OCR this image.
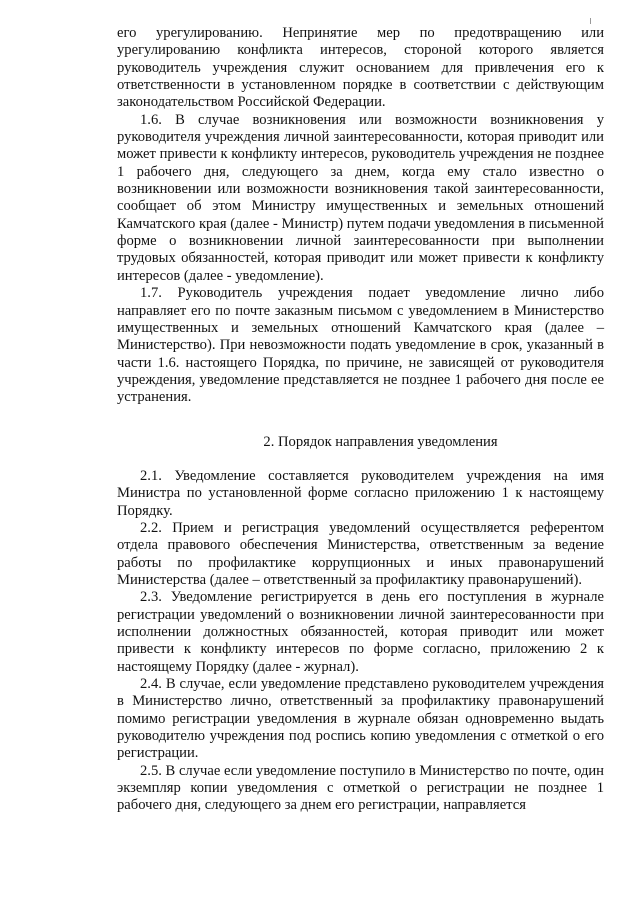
его урегулированию. Непринятие мер по предотвращению или урегулированию конфликта интересов, стороной которого является руководитель учреждения служит основанием для привлечения его к ответственности в установленном порядке в соответствии с действующим законодательством Российской Федерации.

1.6. В случае возникновения или возможности возникновения у руководителя учреждения личной заинтересованности, которая приводит или может привести к конфликту интересов, руководитель учреждения не позднее 1 рабочего дня, следующего за днем, когда ему стало известно о возникновении или возможности возникновения такой заинтересованности, сообщает об этом Министру имущественных и земельных отношений Камчатского края (далее - Министр) путем подачи уведомления в письменной форме о возникновении личной заинтересованности при выполнении трудовых обязанностей, которая приводит или может привести к конфликту интересов (далее - уведомление).

1.7. Руководитель учреждения подает уведомление лично либо направляет его по почте заказным письмом с уведомлением в Министерство имущественных и земельных отношений Камчатского края (далее – Министерство). При невозможности подать уведомление в срок, указанный в части 1.6. настоящего Порядка, по причине, не зависящей от руководителя учреждения, уведомление представляется не позднее 1 рабочего дня после ее устранения.

2. Порядок направления уведомления

2.1. Уведомление составляется руководителем учреждения на имя Министра по установленной форме согласно приложению 1 к настоящему Порядку.

2.2. Прием и регистрация уведомлений осуществляется референтом отдела правового обеспечения Министерства, ответственным за ведение работы по профилактике коррупционных и иных правонарушений Министерства (далее – ответственный за профилактику правонарушений).

2.3. Уведомление регистрируется в день его поступления в журнале регистрации уведомлений о возникновении личной заинтересованности при исполнении должностных обязанностей, которая приводит или может привести к конфликту интересов по форме согласно, приложению 2 к настоящему Порядку (далее - журнал).

2.4. В случае, если уведомление представлено руководителем учреждения в Министерство лично, ответственный за профилактику правонарушений помимо регистрации уведомления в журнале обязан одновременно выдать руководителю учреждения под роспись копию уведомления с отметкой о его регистрации.

2.5. В случае если уведомление поступило в Министерство по почте, один экземпляр копии уведомления с отметкой о регистрации не позднее 1 рабочего дня, следующего за днем его регистрации, направляется
